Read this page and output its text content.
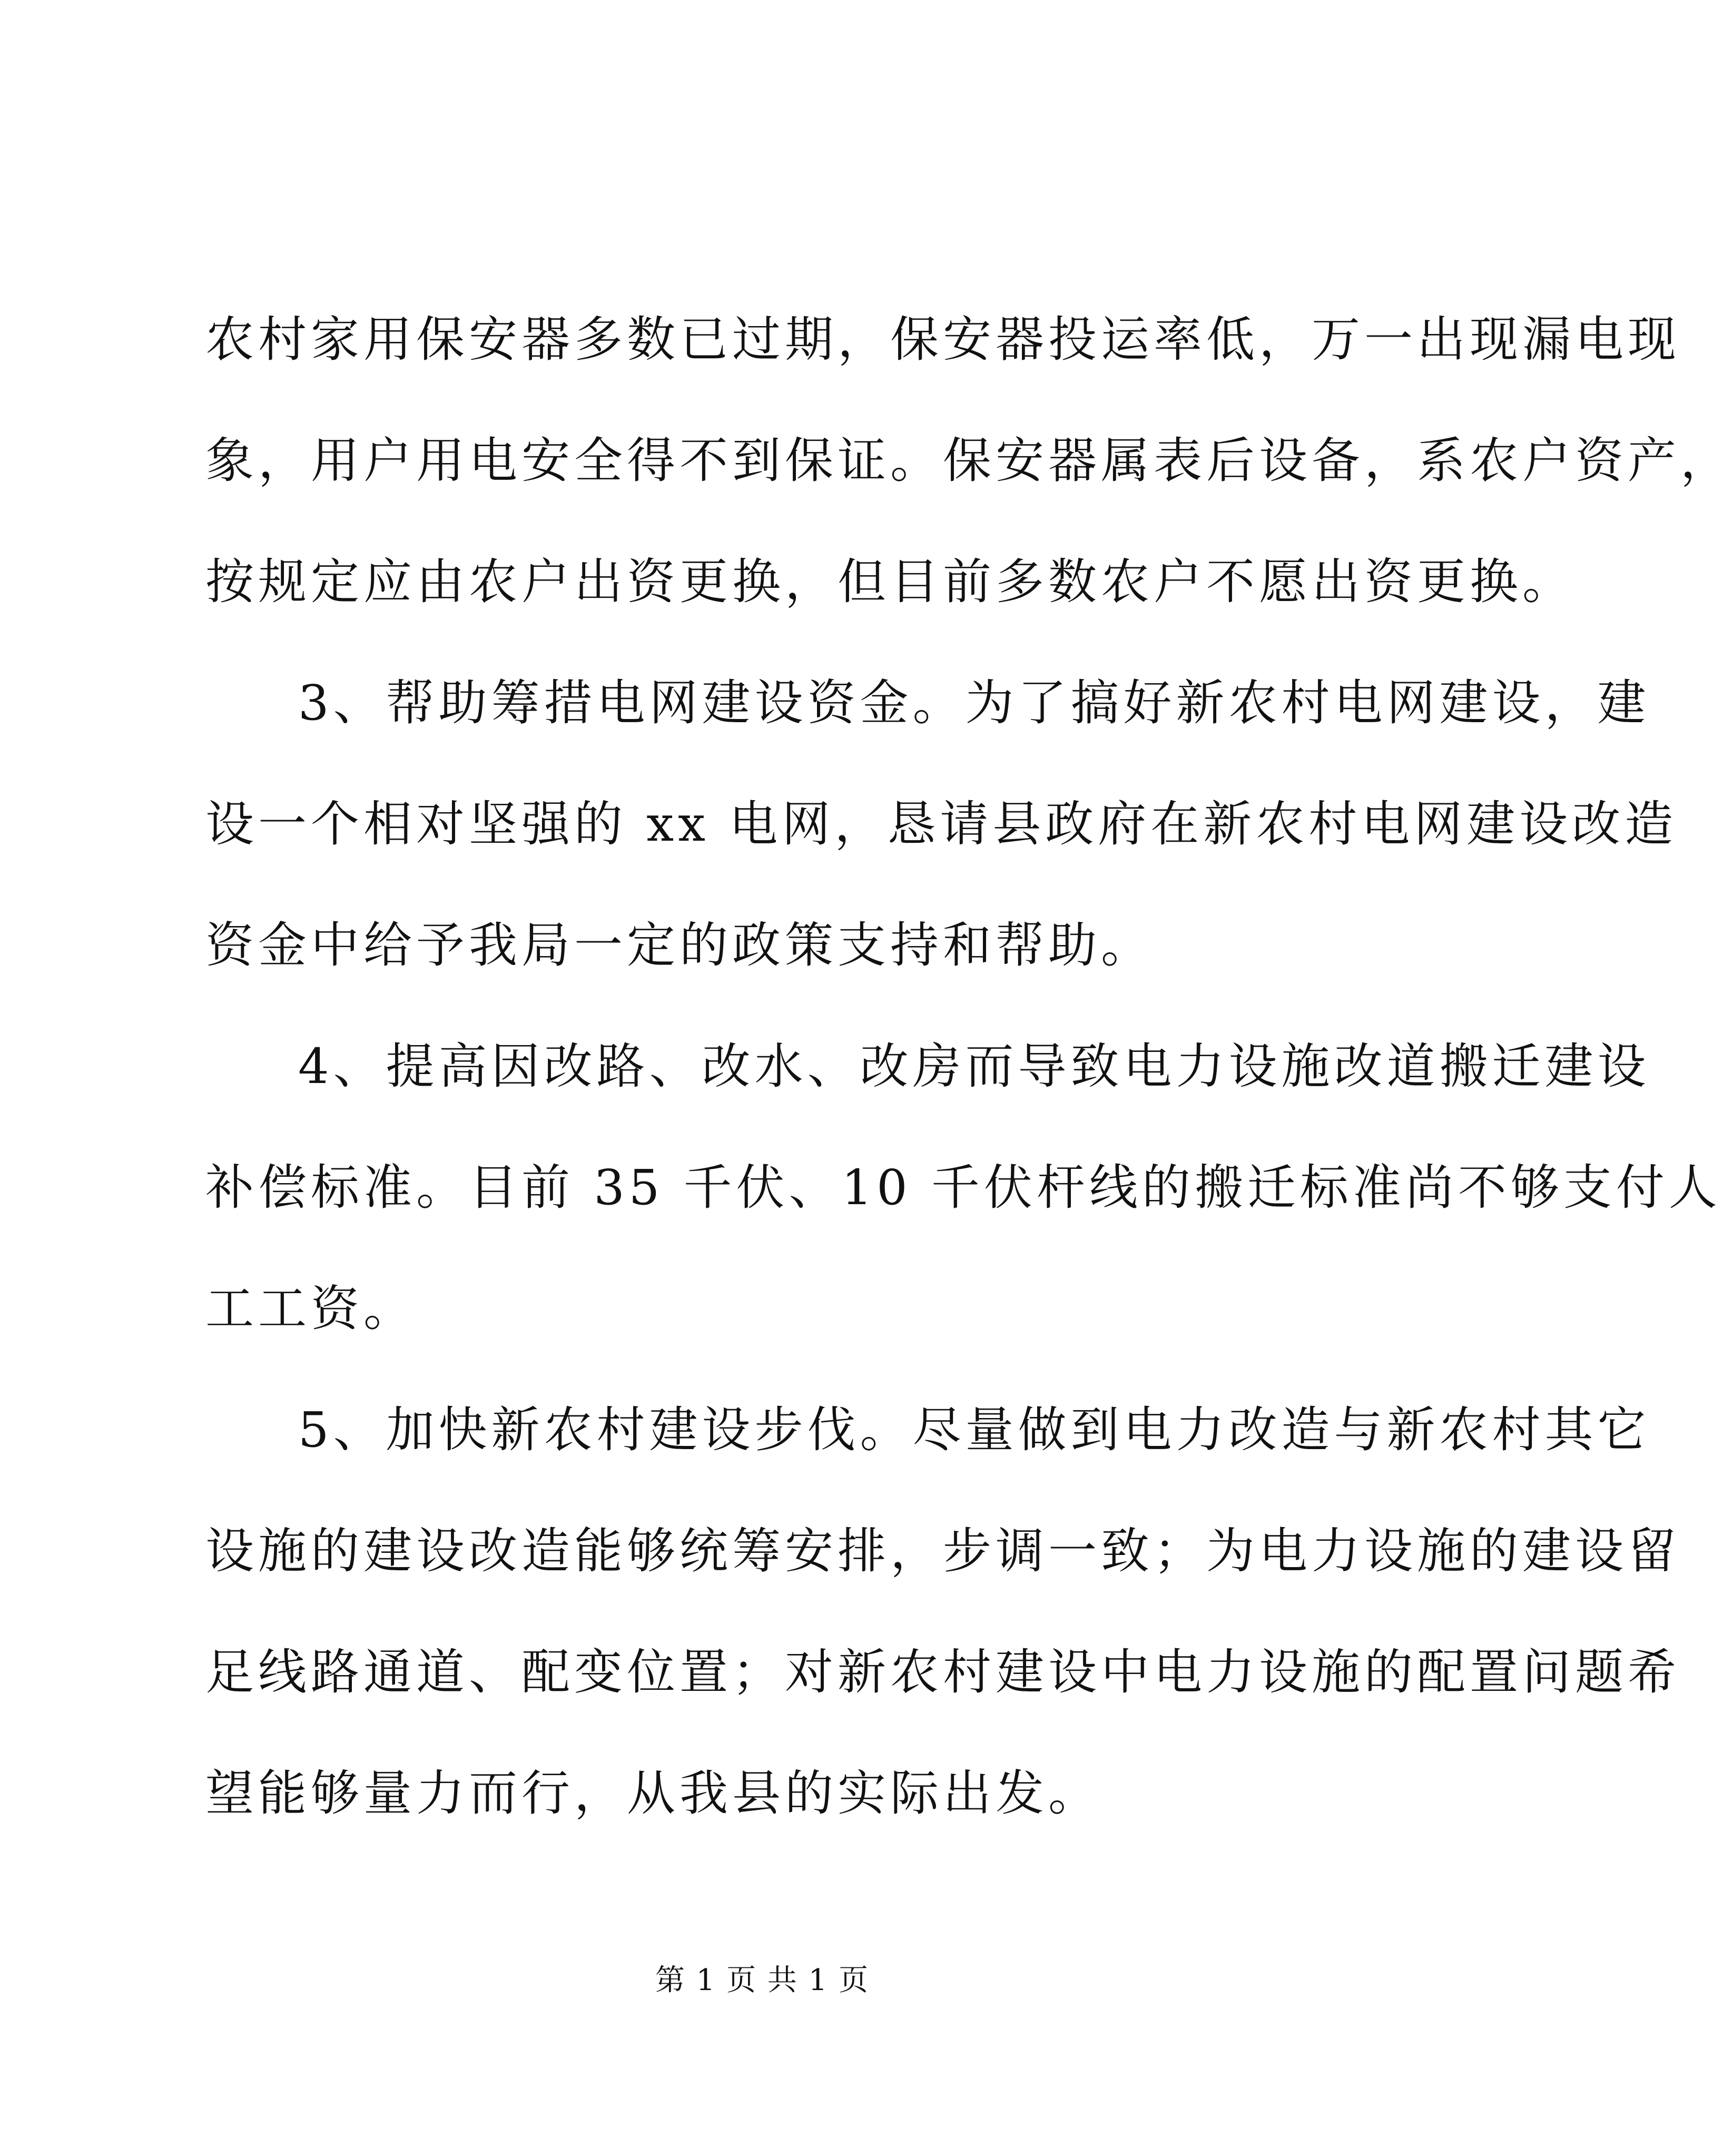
农村家用保安器多数已过期，保安器投运率低，万一出现漏电现
象，用户用电安全得不到保证。保安器属表后设备，系农户资产，
按规定应由农户出资更换，但目前多数农户不愿出资更换。
3、帮助筹措电网建设资金。为了搞好新农村电网建设，建
设一个相对坚强的 xx 电网，恳请县政府在新农村电网建设改造
资金中给予我局一定的政策支持和帮助。
4、提高因改路、改水、改房而导致电力设施改道搬迁建设
补偿标准。目前 35 千伏、10 千伏杆线的搬迁标准尚不够支付人
工工资。
5、加快新农村建设步伐。尽量做到电力改造与新农村其它
设施的建设改造能够统筹安排，步调一致；为电力设施的建设留
足线路通道、配变位置；对新农村建设中电力设施的配置问题希
望能够量力而行，从我县的实际出发。
第 1 页 共 1 页
